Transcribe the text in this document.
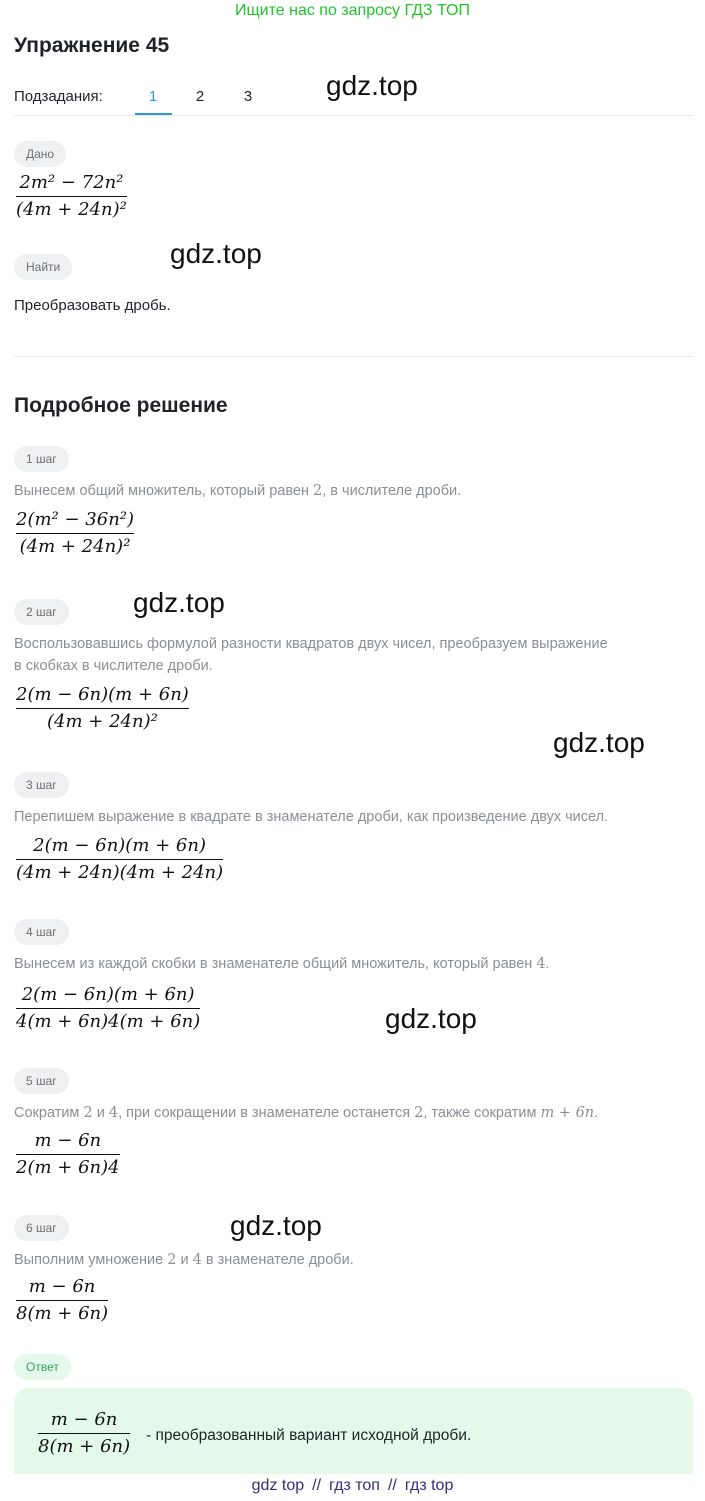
Ищите нас по запросу ГДЗ ТОП
Упражнение 45
Подзадания:	1	2	3
Дано
2m² − 72n²
(4m + 24n)²
Найти
Преобразовать дробь.
Подробное решение
1 шаг
Вынесем общий множитель, который равен 2, в числителе дроби.
2(m² − 36n²)
(4m + 24n)²
2 шаг
Воспользовавшись формулой разности квадратов двух чисел, преобразуем выражение
в скобках в числителе дроби.
2(m − 6n)(m + 6n)
(4m + 24n)²
3 шаг
Перепишем выражение в квадрате в знаменателе дроби, как произведение двух чисел.
2(m − 6n)(m + 6n)
(4m + 24n)(4m + 24n)
4 шаг
Вынесем из каждой скобки в знаменателе общий множитель, который равен 4.
2(m − 6n)(m + 6n)
4(m + 6n)4(m + 6n)
5 шаг
Сократим 2 и 4, при сокращении в знаменателе останется 2, также сократим m + 6n.
m − 6n
2(m + 6n)4
6 шаг
Выполним умножение 2 и 4 в знаменателе дроби.
m − 6n
8(m + 6n)
Ответ
m − 6n
8(m + 6n)
- преобразованный вариант исходной дроби.
gdz.top
gdz.top
gdz.top
gdz.top
gdz.top
gdz.top
gdz top // гдз топ // гдз top
